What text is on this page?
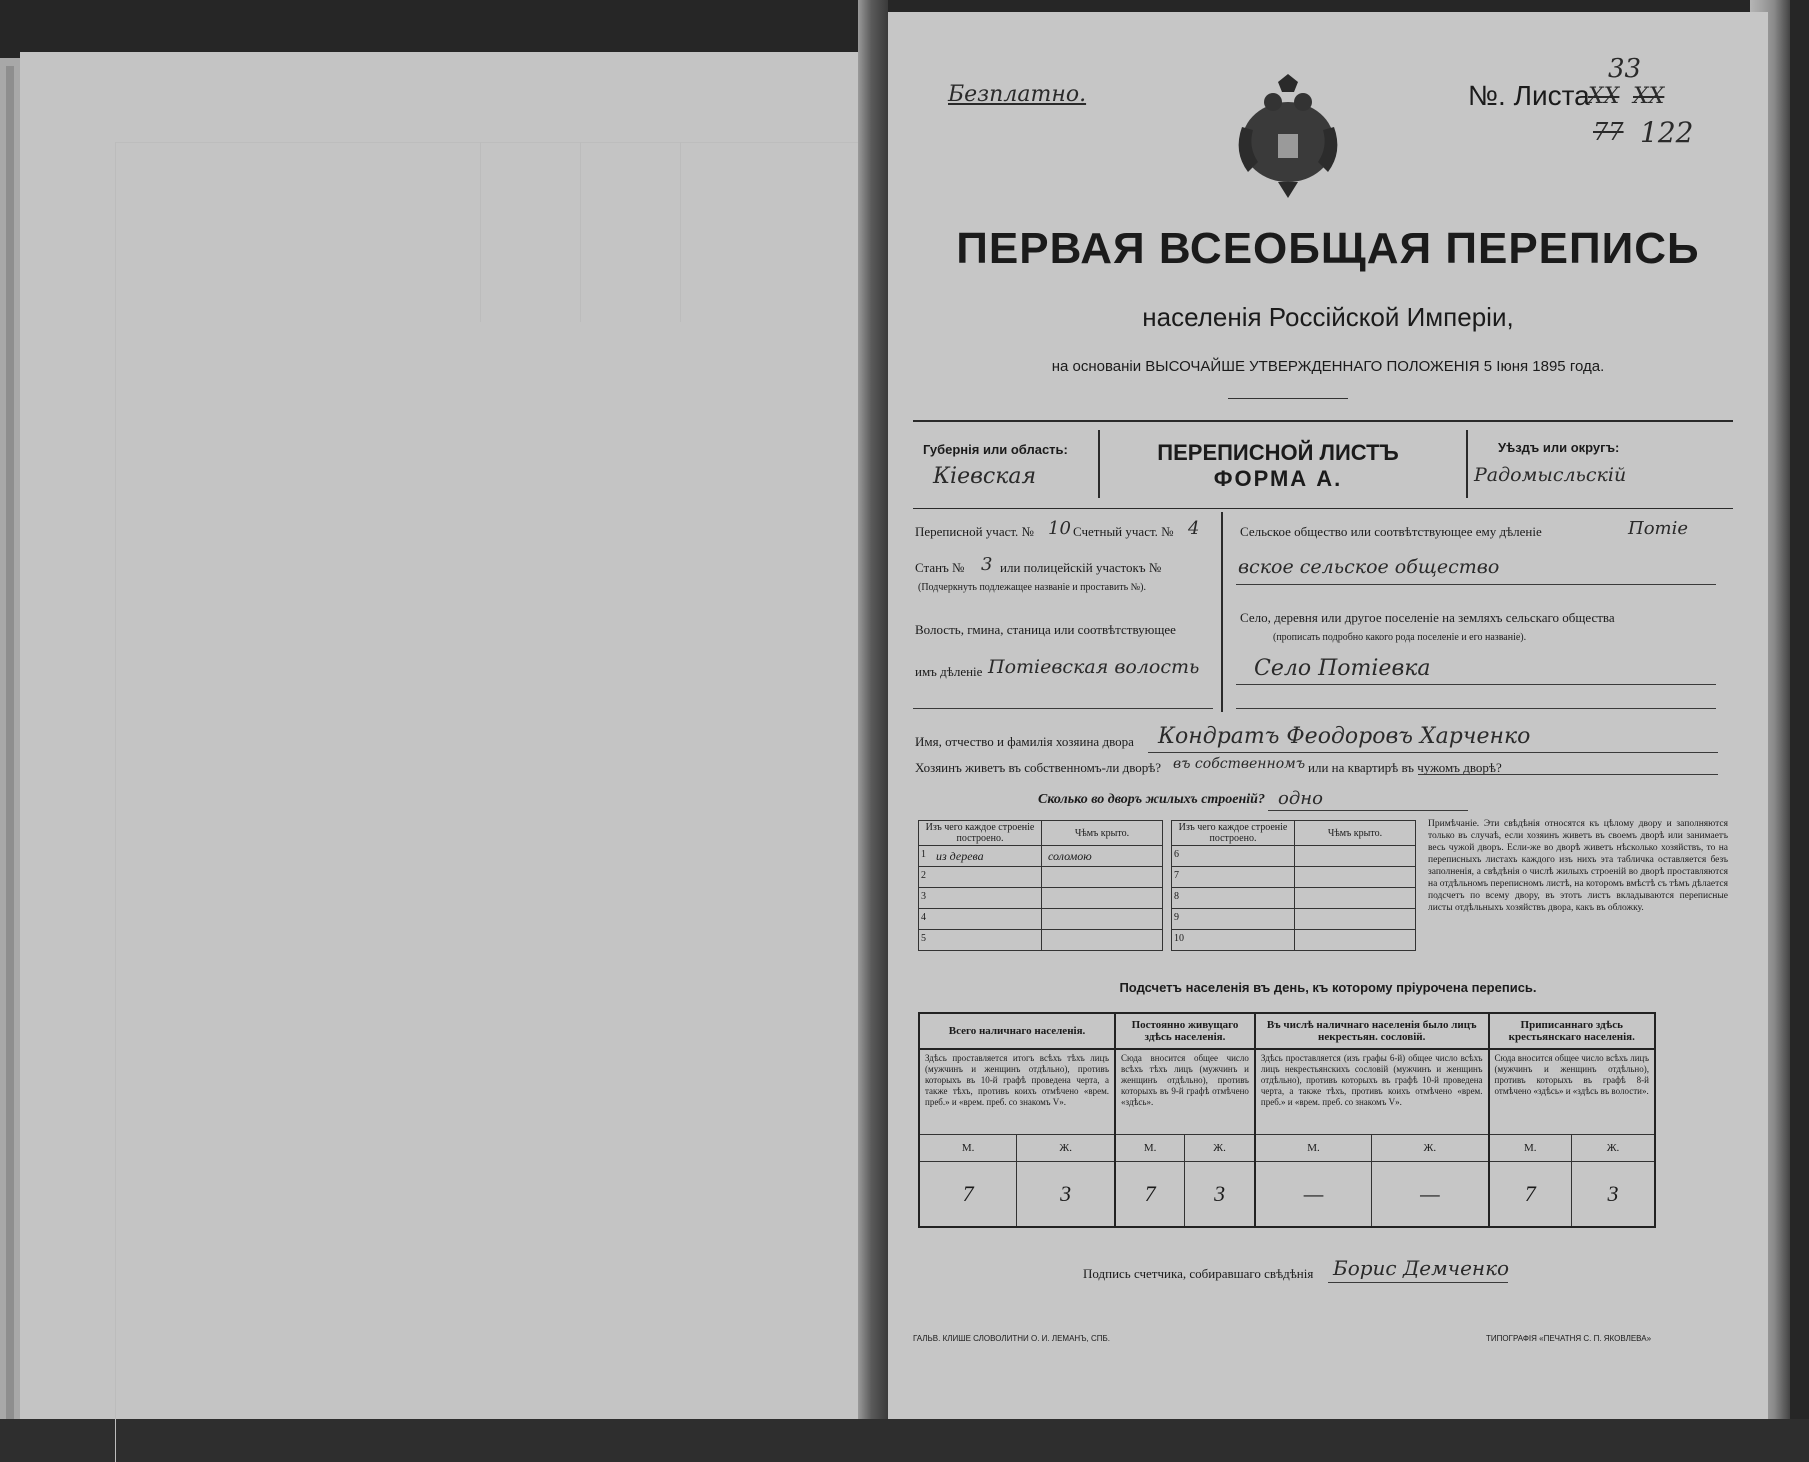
Безплатно.	№. Листа
XX XX
33
77 122
ПЕРВАЯ ВСЕОБЩАЯ ПЕРЕПИСЬ
населенія Россійской Имперіи,
на основаніи ВЫСОЧАЙШЕ УТВЕРЖДЕННАГО ПОЛОЖЕНІЯ 5 Іюня 1895 года.
Губернія или область:
Кіевская
ПЕРЕПИСНОЙ ЛИСТЪ
ФОРМА А.
Уѣздъ или округъ:
Радомысльскій
Переписной участ. № 10 Счетный участ. № 4
Станъ № 3 или полицейскій участокъ №
(Подчеркнуть подлежащее названіе и проставить №).
Волость, гмина, станица или соотвѣтствующее
имъ дѣленіе Потіевская волость
Сельское общество или соотвѣтствующее ему дѣленіе	Потіе
вское сельское общество
Село, деревня или другое поселеніе на земляхъ сельскаго общества
(прописать подробно какого рода поселеніе и его названіе).
Село Потіевка
Имя, отчество и фамилія хозяина двора Кондратъ Феодоровъ Харченко
Хозяинъ живетъ въ собственномъ-ли дворѣ? въ собственномъ или на квартирѣ въ чужомъ дворѣ?
Сколько во дворъ жилыхъ строеній? одно
Изъ чего каждое строеніе построено.	Чѣмъ крыто.

1 из дерева	соломою

2	

3	

4	

5	

Изъ чего каждое строеніе построено.	Чѣмъ крыто.

6	

7	

8	

9	

10	

Примѣчаніе. Эти свѣдѣнія относятся къ цѣлому двору и заполняются только въ случаѣ, если хозяинъ живетъ въ своемъ дворѣ или занимаетъ весь чужой дворъ. Если-же во дворѣ живетъ нѣсколько хозяйствъ, то на переписныхъ листахъ каждого изъ нихъ эта табличка оставляется безъ заполненія, а свѣдѣнія о числѣ жилыхъ строеній во дворѣ проставляются на отдѣльномъ переписномъ листѣ, на которомъ вмѣстѣ съ тѣмъ дѣлается подсчетъ по всему двору, въ этотъ листъ вкладываются переписные листы отдѣльныхъ хозяйствъ двора, какъ въ обложку.
Подсчетъ населенія въ день, къ которому пріурочена перепись.
Всего наличнаго населенія.		Постоянно живущаго здѣсь населенія.		Въ числѣ наличнаго населенія было лицъ некрестьян. сословій.		Приписаннаго здѣсь крестьянскаго населенія.	
Здѣсь проставляется итогъ всѣхъ тѣхъ лицъ (мужчинъ и женщинъ отдѣльно), противъ которыхъ въ 10-й графѣ проведена черта, а также тѣхъ, противъ коихъ отмѣчено «врем. преб.» и «врем. преб. со знакомъ V».		Сюда вносится общее число всѣхъ тѣхъ лицъ (мужчинъ и женщинъ отдѣльно), противъ которыхъ въ 9-й графѣ отмѣчено «здѣсь».		Здѣсь проставляется (изъ графы 6-й) общее число всѣхъ лицъ некрестьянскихъ сословій (мужчинъ и женщинъ отдѣльно), противъ которыхъ въ графѣ 10-й проведена черта, а также тѣхъ, противъ коихъ отмѣчено «врем. преб.» и «врем. преб. со знакомъ V».		Сюда вносится общее число всѣхъ лицъ (мужчинъ и женщинъ отдѣльно), противъ которыхъ въ графѣ 8-й отмѣчено «здѣсь» и «здѣсь въ волости».	
М.	Ж.	М.	Ж.	М.	Ж.	М.	Ж.
7	3	7	3	—	—	7	3
Подпись счетчика, собиравшаго свѣдѣнія Борис Демченко
ГАЛЬВ. КЛИШЕ СЛОВОЛИТНИ О. И. ЛЕМАНЪ, СПБ.	ТИПОГРАФІЯ «ПЕЧАТНЯ С. П. ЯКОВЛЕВА»
